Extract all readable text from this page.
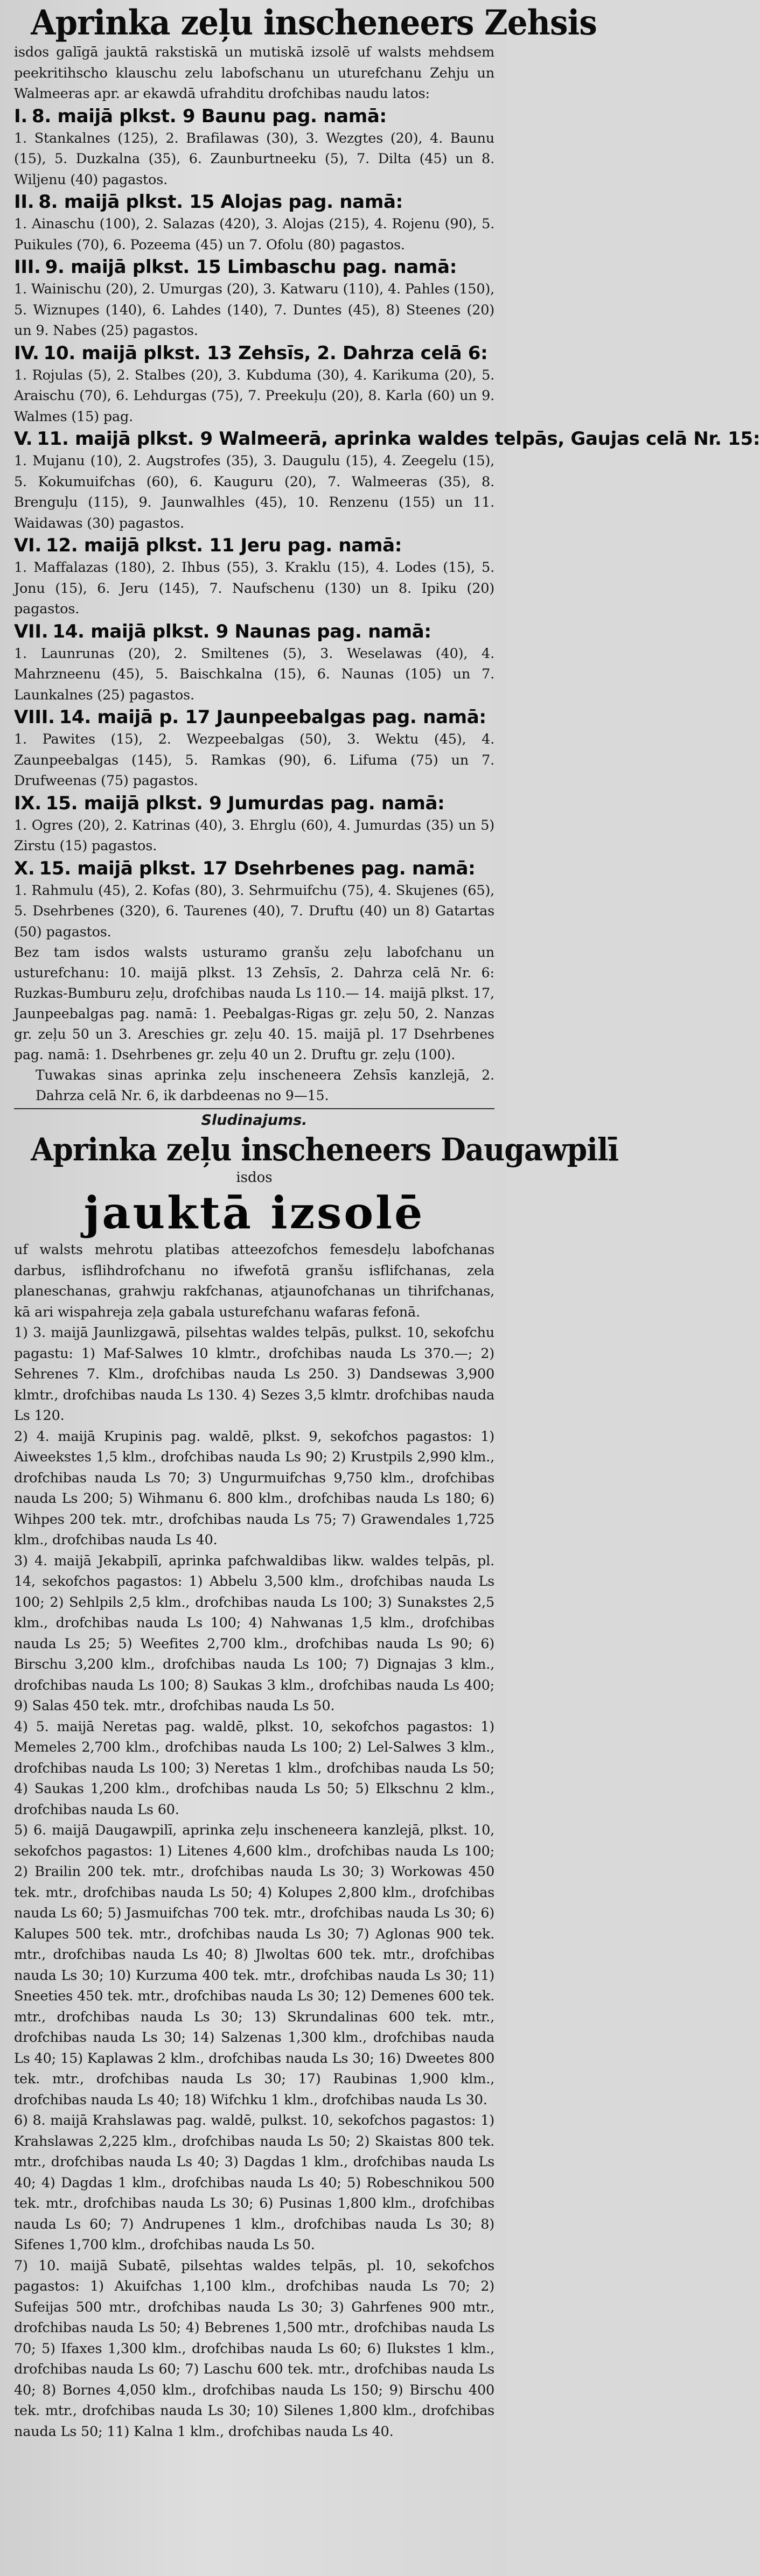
Aprinka zeļu inscheneers Zehsis
isdos galīgā jauktā rakstiskā un mutiskā izsolē uf walsts mehdsem peekritihscho klauschu zelu labofschanu un uturefchanu Zehju un Walmeeras apr. ar ekawdā ufrahditu drofchibas naudu latos:
I. 8. maijā plkst. 9 Baunu pag. namā:
1. Stankalnes (125), 2. Brafilawas (30), 3. Wezgtes (20), 4. Baunu (15), 5. Duzkalna (35), 6. Zaunburtneeku (5), 7. Dilta (45) un 8. Wiljenu (40) pagastos.
II. 8. maijā plkst. 15 Alojas pag. namā:
1. Ainaschu (100), 2. Salazas (420), 3. Alojas (215), 4. Rojenu (90), 5. Puikules (70), 6. Pozeema (45) un 7. Ofolu (80) pagastos.
III. 9. maijā plkst. 15 Limbaschu pag. namā:
1. Wainischu (20), 2. Umurgas (20), 3. Katwaru (110), 4. Pahles (150), 5. Wiznupes (140), 6. Lahdes (140), 7. Duntes (45), 8) Steenes (20) un 9. Nabes (25) pagastos.
IV. 10. maijā plkst. 13 Zehsīs, 2. Dahrza celā 6:
1. Rojulas (5), 2. Stalbes (20), 3. Kubduma (30), 4. Karikuma (20), 5. Araischu (70), 6. Lehdurgas (75), 7. Preekuļu (20), 8. Karla (60) un 9. Walmes (15) pag.
V. 11. maijā plkst. 9 Walmeerā, aprinka waldes telpās, Gaujas celā Nr. 15:
1. Mujanu (10), 2. Augstrofes (35), 3. Daugulu (15), 4. Zeegelu (15), 5. Kokumuifchas (60), 6. Kauguru (20), 7. Walmeeras (35), 8. Brenguļu (115), 9. Jaunwalhles (45), 10. Renzenu (155) un 11. Waidawas (30) pagastos.
VI. 12. maijā plkst. 11 Jeru pag. namā:
1. Maffalazas (180), 2. Ihbus (55), 3. Kraklu (15), 4. Lodes (15), 5. Jonu (15), 6. Jeru (145), 7. Naufschenu (130) un 8. Ipiku (20) pagastos.
VII. 14. maijā plkst. 9 Naunas pag. namā:
1. Launrunas (20), 2. Smiltenes (5), 3. Weselawas (40), 4. Mahrzneenu (45), 5. Baischkalna (15), 6. Naunas (105) un 7. Launkalnes (25) pagastos.
VIII. 14. maijā p. 17 Jaunpeebalgas pag. namā:
1. Pawites (15), 2. Wezpeebalgas (50), 3. Wektu (45), 4. Zaunpeebalgas (145), 5. Ramkas (90), 6. Lifuma (75) un 7. Drufweenas (75) pagastos.
IX. 15. maijā plkst. 9 Jumurdas pag. namā:
1. Ogres (20), 2. Katrinas (40), 3. Ehrglu (60), 4. Jumurdas (35) un 5) Zirstu (15) pagastos.
X. 15. maijā plkst. 17 Dsehrbenes pag. namā:
1. Rahmulu (45), 2. Kofas (80), 3. Sehrmuifchu (75), 4. Skujenes (65), 5. Dsehrbenes (320), 6. Taurenes (40), 7. Druftu (40) un 8) Gatartas (50) pagastos.
Bez tam isdos walsts usturamo granšu zeļu labofchanu un usturefchanu: 10. maijā plkst. 13 Zehsīs, 2. Dahrza celā Nr. 6: Ruzkas-Bumburu zeļu, drofchibas nauda Ls 110.— 14. maijā plkst. 17, Jaunpeebalgas pag. namā: 1. Peebalgas-Rigas gr. zeļu 50, 2. Nanzas gr. zeļu 50 un 3. Areschies gr. zeļu 40. 15. maijā pl. 17 Dsehrbenes pag. namā: 1. Dsehrbenes gr. zeļu 40 un 2. Druftu gr. zeļu (100).
Tuwakas sinas aprinka zeļu inscheneera Zehsīs kanzlejā, 2. Dahrza celā Nr. 6, ik darbdeenas no 9—15.
Sludinajums.
Aprinka zeļu inscheneers Daugawpilī
isdos
jauktā izsolē
uf walsts mehrotu platibas atteezofchos femesdeļu labofchanas darbus, isflihdrofchanu no ifwefotā granšu isflifchanas, zela planeschanas, grahwju rakfchanas, atjaunofchanas un tihrifchanas, kā ari wispahreja zeļa gabala usturefchanu wafaras fefonā.
1) 3. maijā Jaunlizgawā, pilsehtas waldes telpās, pulkst. 10, sekofchu pagastu: 1) Maf-Salwes 10 klmtr., drofchibas nauda Ls 370.—; 2) Sehrenes 7. Klm., drofchibas nauda Ls 250. 3) Dandsewas 3,900 klmtr., drofchibas nauda Ls 130. 4) Sezes 3,5 klmtr. drofchibas nauda Ls 120.
2) 4. maijā Krupinis pag. waldē, plkst. 9, sekofchos pagastos: 1) Aiweekstes 1,5 klm., drofchibas nauda Ls 90; 2) Krustpils 2,990 klm., drofchibas nauda Ls 70; 3) Ungurmuifchas 9,750 klm., drofchibas nauda Ls 200; 5) Wihmanu 6. 800 klm., drofchibas nauda Ls 180; 6) Wihpes 200 tek. mtr., drofchibas nauda Ls 75; 7) Grawendales 1,725 klm., drofchibas nauda Ls 40.
3) 4. maijā Jekabpilī, aprinka pafchwaldibas likw. waldes telpās, pl. 14, sekofchos pagastos: 1) Abbelu 3,500 klm., drofchibas nauda Ls 100; 2) Sehlpils 2,5 klm., drofchibas nauda Ls 100; 3) Sunakstes 2,5 klm., drofchibas nauda Ls 100; 4) Nahwanas 1,5 klm., drofchibas nauda Ls 25; 5) Weefites 2,700 klm., drofchibas nauda Ls 90; 6) Birschu 3,200 klm., drofchibas nauda Ls 100; 7) Dignajas 3 klm., drofchibas nauda Ls 100; 8) Saukas 3 klm., drofchibas nauda Ls 400; 9) Salas 450 tek. mtr., drofchibas nauda Ls 50.
4) 5. maijā Neretas pag. waldē, plkst. 10, sekofchos pagastos: 1) Memeles 2,700 klm., drofchibas nauda Ls 100; 2) Lel-Salwes 3 klm., drofchibas nauda Ls 100; 3) Neretas 1 klm., drofchibas nauda Ls 50; 4) Saukas 1,200 klm., drofchibas nauda Ls 50; 5) Elkschnu 2 klm., drofchibas nauda Ls 60.
5) 6. maijā Daugawpilī, aprinka zeļu inscheneera kanzlejā, plkst. 10, sekofchos pagastos: 1) Litenes 4,600 klm., drofchibas nauda Ls 100; 2) Brailin 200 tek. mtr., drofchibas nauda Ls 30; 3) Workowas 450 tek. mtr., drofchibas nauda Ls 50; 4) Kolupes 2,800 klm., drofchibas nauda Ls 60; 5) Jasmuifchas 700 tek. mtr., drofchibas nauda Ls 30; 6) Kalupes 500 tek. mtr., drofchibas nauda Ls 30; 7) Aglonas 900 tek. mtr., drofchibas nauda Ls 40; 8) Jlwoltas 600 tek. mtr., drofchibas nauda Ls 30; 10) Kurzuma 400 tek. mtr., drofchibas nauda Ls 30; 11) Sneeties 450 tek. mtr., drofchibas nauda Ls 30; 12) Demenes 600 tek. mtr., drofchibas nauda Ls 30; 13) Skrundalinas 600 tek. mtr., drofchibas nauda Ls 30; 14) Salzenas 1,300 klm., drofchibas nauda Ls 40; 15) Kaplawas 2 klm., drofchibas nauda Ls 30; 16) Dweetes 800 tek. mtr., drofchibas nauda Ls 30; 17) Raubinas 1,900 klm., drofchibas nauda Ls 40; 18) Wifchku 1 klm., drofchibas nauda Ls 30.
6) 8. maijā Krahslawas pag. waldē, pulkst. 10, sekofchos pagastos: 1) Krahslawas 2,225 klm., drofchibas nauda Ls 50; 2) Skaistas 800 tek. mtr., drofchibas nauda Ls 40; 3) Dagdas 1 klm., drofchibas nauda Ls 40; 4) Dagdas 1 klm., drofchibas nauda Ls 40; 5) Robeschnikou 500 tek. mtr., drofchibas nauda Ls 30; 6) Pusinas 1,800 klm., drofchibas nauda Ls 60; 7) Andrupenes 1 klm., drofchibas nauda Ls 30; 8) Sifenes 1,700 klm., drofchibas nauda Ls 50.
7) 10. maijā Subatē, pilsehtas waldes telpās, pl. 10, sekofchos pagastos: 1) Akuifchas 1,100 klm., drofchibas nauda Ls 70; 2) Sufeijas 500 mtr., drofchibas nauda Ls 30; 3) Gahrfenes 900 mtr., drofchibas nauda Ls 50; 4) Bebrenes 1,500 mtr., drofchibas nauda Ls 70; 5) Ifaxes 1,300 klm., drofchibas nauda Ls 60; 6) Ilukstes 1 klm., drofchibas nauda Ls 60; 7) Laschu 600 tek. mtr., drofchibas nauda Ls 40; 8) Bornes 4,050 klm., drofchibas nauda Ls 150; 9) Birschu 400 tek. mtr., drofchibas nauda Ls 30; 10) Silenes 1,800 klm., drofchibas nauda Ls 50; 11) Kalna 1 klm., drofchibas nauda Ls 40.
